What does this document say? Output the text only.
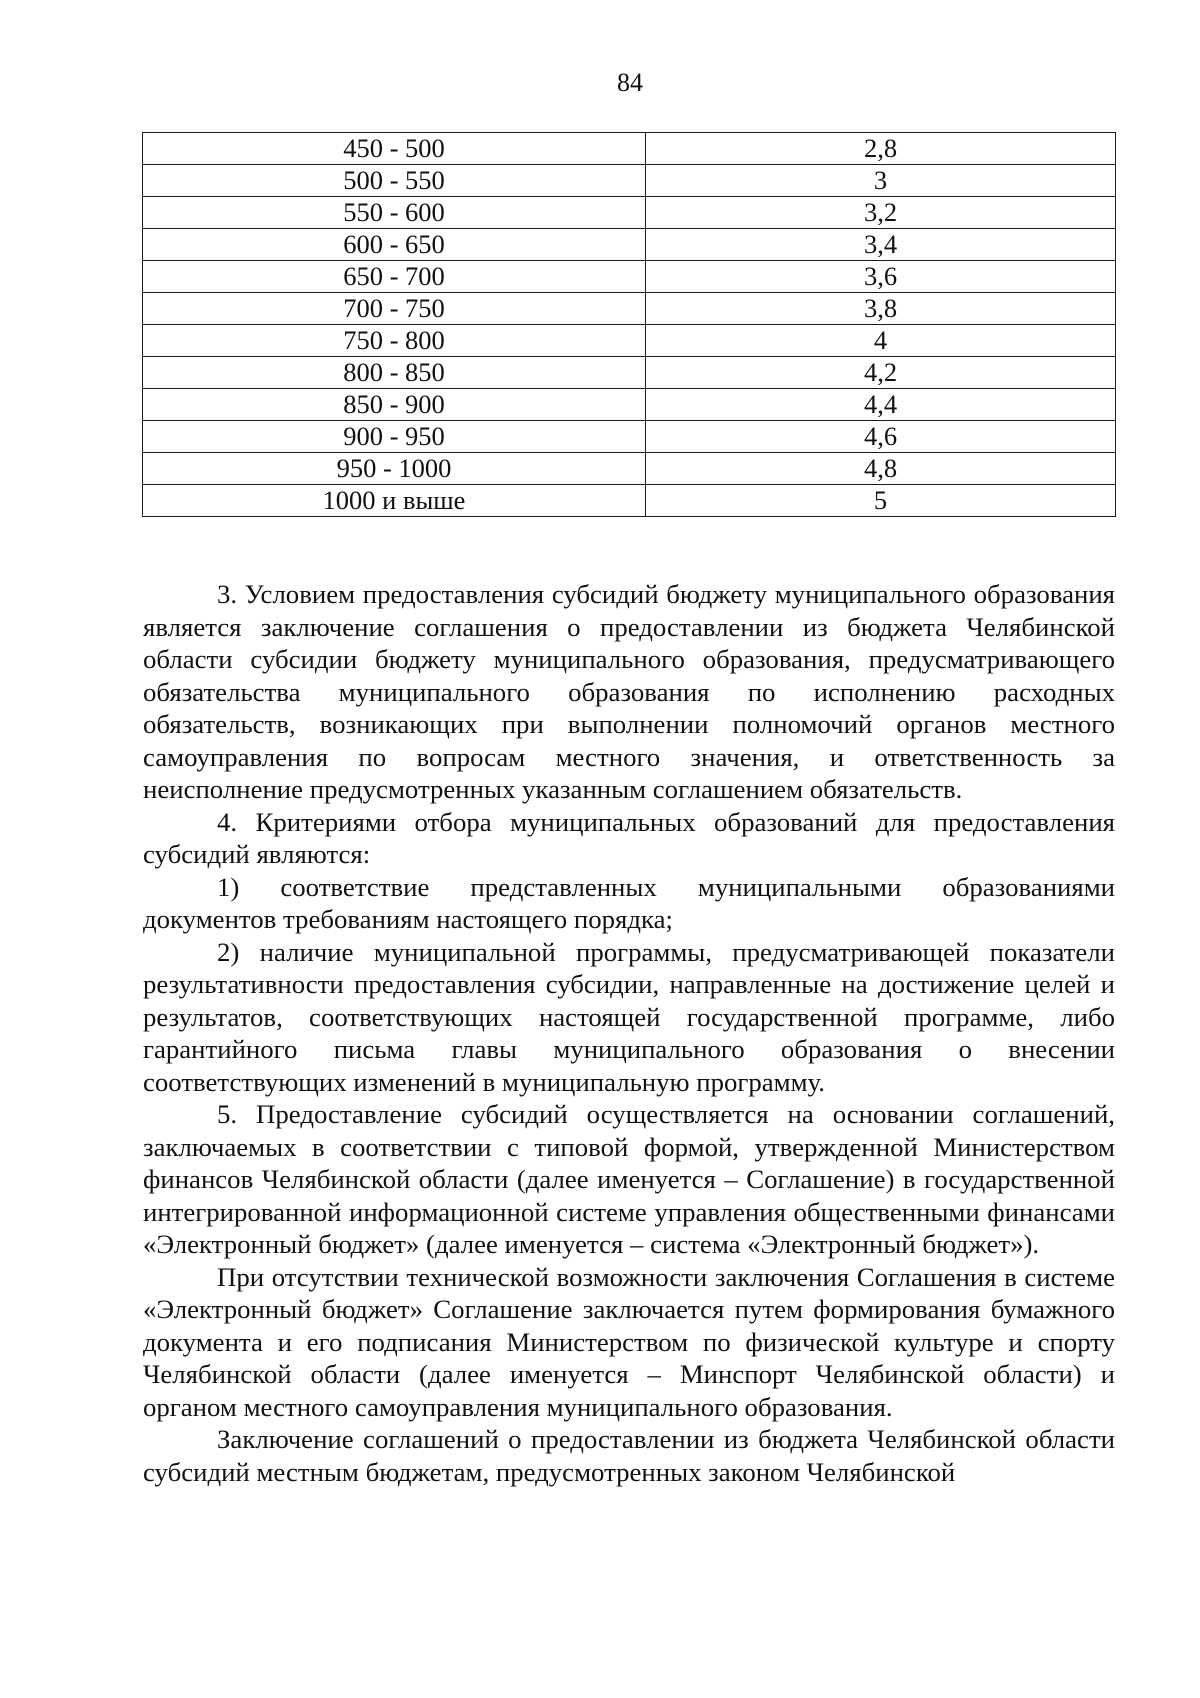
84
450 - 500	2,8
500 - 550	3
550 - 600	3,2
600 - 650	3,4
650 - 700	3,6
700 - 750	3,8
750 - 800	4
800 - 850	4,2
850 - 900	4,4
900 - 950	4,6
950 - 1000	4,8
1000 и выше	5

3. Условием предоставления субсидий бюджету муниципального образования является заключение соглашения о предоставлении из бюджета Челябинской области субсидии бюджету муниципального образования, предусматривающего обязательства муниципального образования по исполнению расходных обязательств, возникающих при выполнении полномочий органов местного самоуправления по вопросам местного значения, и ответственность за неисполнение предусмотренных указанным соглашением обязательств.

4. Критериями отбора муниципальных образований для предоставления субсидий являются:

1) соответствие представленных муниципальными образованиями документов требованиям настоящего порядка;

2) наличие муниципальной программы, предусматривающей показатели результативности предоставления субсидии, направленные на достижение целей и результатов, соответствующих настоящей государственной программе, либо гарантийного письма главы муниципального образования о внесении соответствующих изменений в муниципальную программу.

5. Предоставление субсидий осуществляется на основании соглашений, заключаемых в соответствии с типовой формой, утвержденной Министерством финансов Челябинской области (далее именуется – Соглашение) в государственной интегрированной информационной системе управления общественными финансами «Электронный бюджет» (далее именуется – система «Электронный бюджет»).

При отсутствии технической возможности заключения Соглашения в системе «Электронный бюджет» Соглашение заключается путем формирования бумажного документа и его подписания Министерством по физической культуре и спорту Челябинской области (далее именуется – Минспорт Челябинской области) и органом местного самоуправления муниципального образования.

Заключение соглашений о предоставлении из бюджета Челябинской области субсидий местным бюджетам, предусмотренных законом Челябинской
